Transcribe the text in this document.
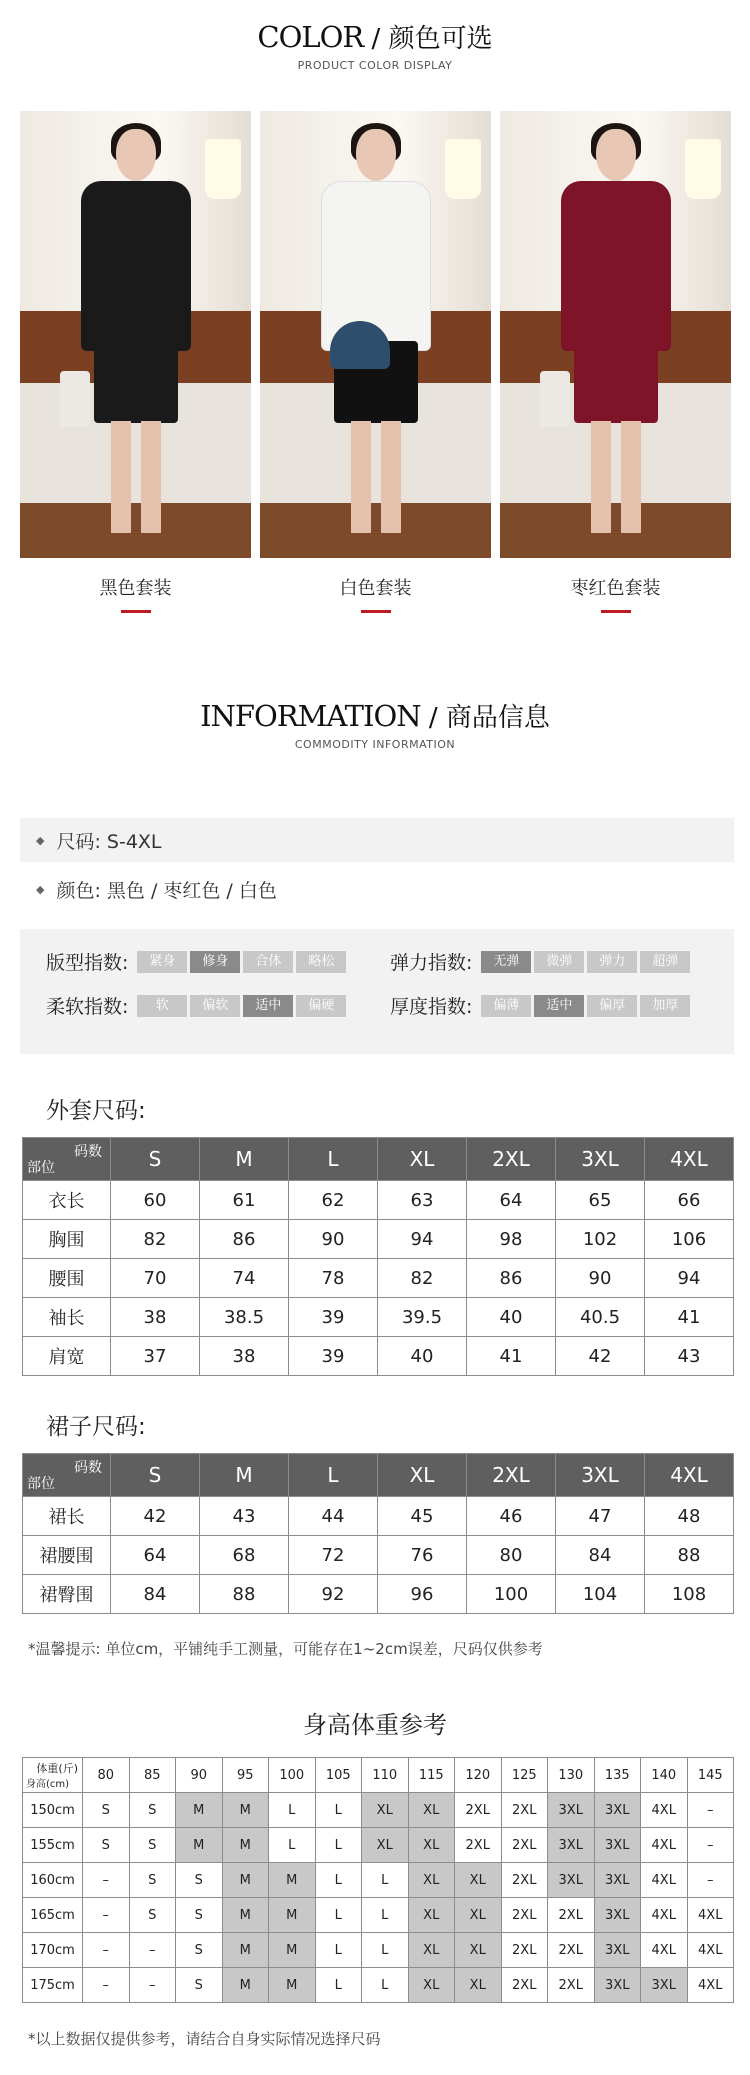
COLOR / 颜色可选
PRODUCT COLOR DISPLAY
黑色套装	白色套装	枣红色套装
INFORMATION / 商品信息
COMMODITY INFORMATION
◆ 尺码: S-4XL
◆ 颜色: 黑色 / 枣红色 / 白色
版型指数:	紧身	修身	合体	略松	弹力指数:	无弹	微弹	弹力	超弹
柔软指数:	软	偏软	适中	偏硬	厚度指数:	偏薄	适中	偏厚	加厚
外套尺码:
码数
部位	S	M	L	XL	2XL	3XL	4XL
衣长	60	61	62	63	64	65	66
胸围	82	86	90	94	98	102	106
腰围	70	74	78	82	86	90	94
袖长	38	38.5	39	39.5	40	40.5	41
肩宽	37	38	39	40	41	42	43
裙子尺码:
码数
部位	S	M	L	XL	2XL	3XL	4XL
裙长	42	43	44	45	46	47	48
裙腰围	64	68	72	76	80	84	88
裙臀围	84	88	92	96	100	104	108
*温馨提示: 单位cm，平铺纯手工测量，可能存在1~2cm误差，尺码仅供参考
身高体重参考
体重(斤)
身高(cm)	80	85	90	95	100	105	110	115	120	125	130	135	140	145
150cm	S	S	M	M	L	L	XL	XL	2XL	2XL	3XL	3XL	4XL	–
155cm	S	S	M	M	L	L	XL	XL	2XL	2XL	3XL	3XL	4XL	–
160cm	–	S	S	M	M	L	L	XL	XL	2XL	3XL	3XL	4XL	–
165cm	–	S	S	M	M	L	L	XL	XL	2XL	2XL	3XL	4XL	4XL
170cm	–	–	S	M	M	L	L	XL	XL	2XL	2XL	3XL	4XL	4XL
175cm	–	–	S	M	M	L	L	XL	XL	2XL	2XL	3XL	3XL	4XL
*以上数据仅提供参考，请结合自身实际情况选择尺码
